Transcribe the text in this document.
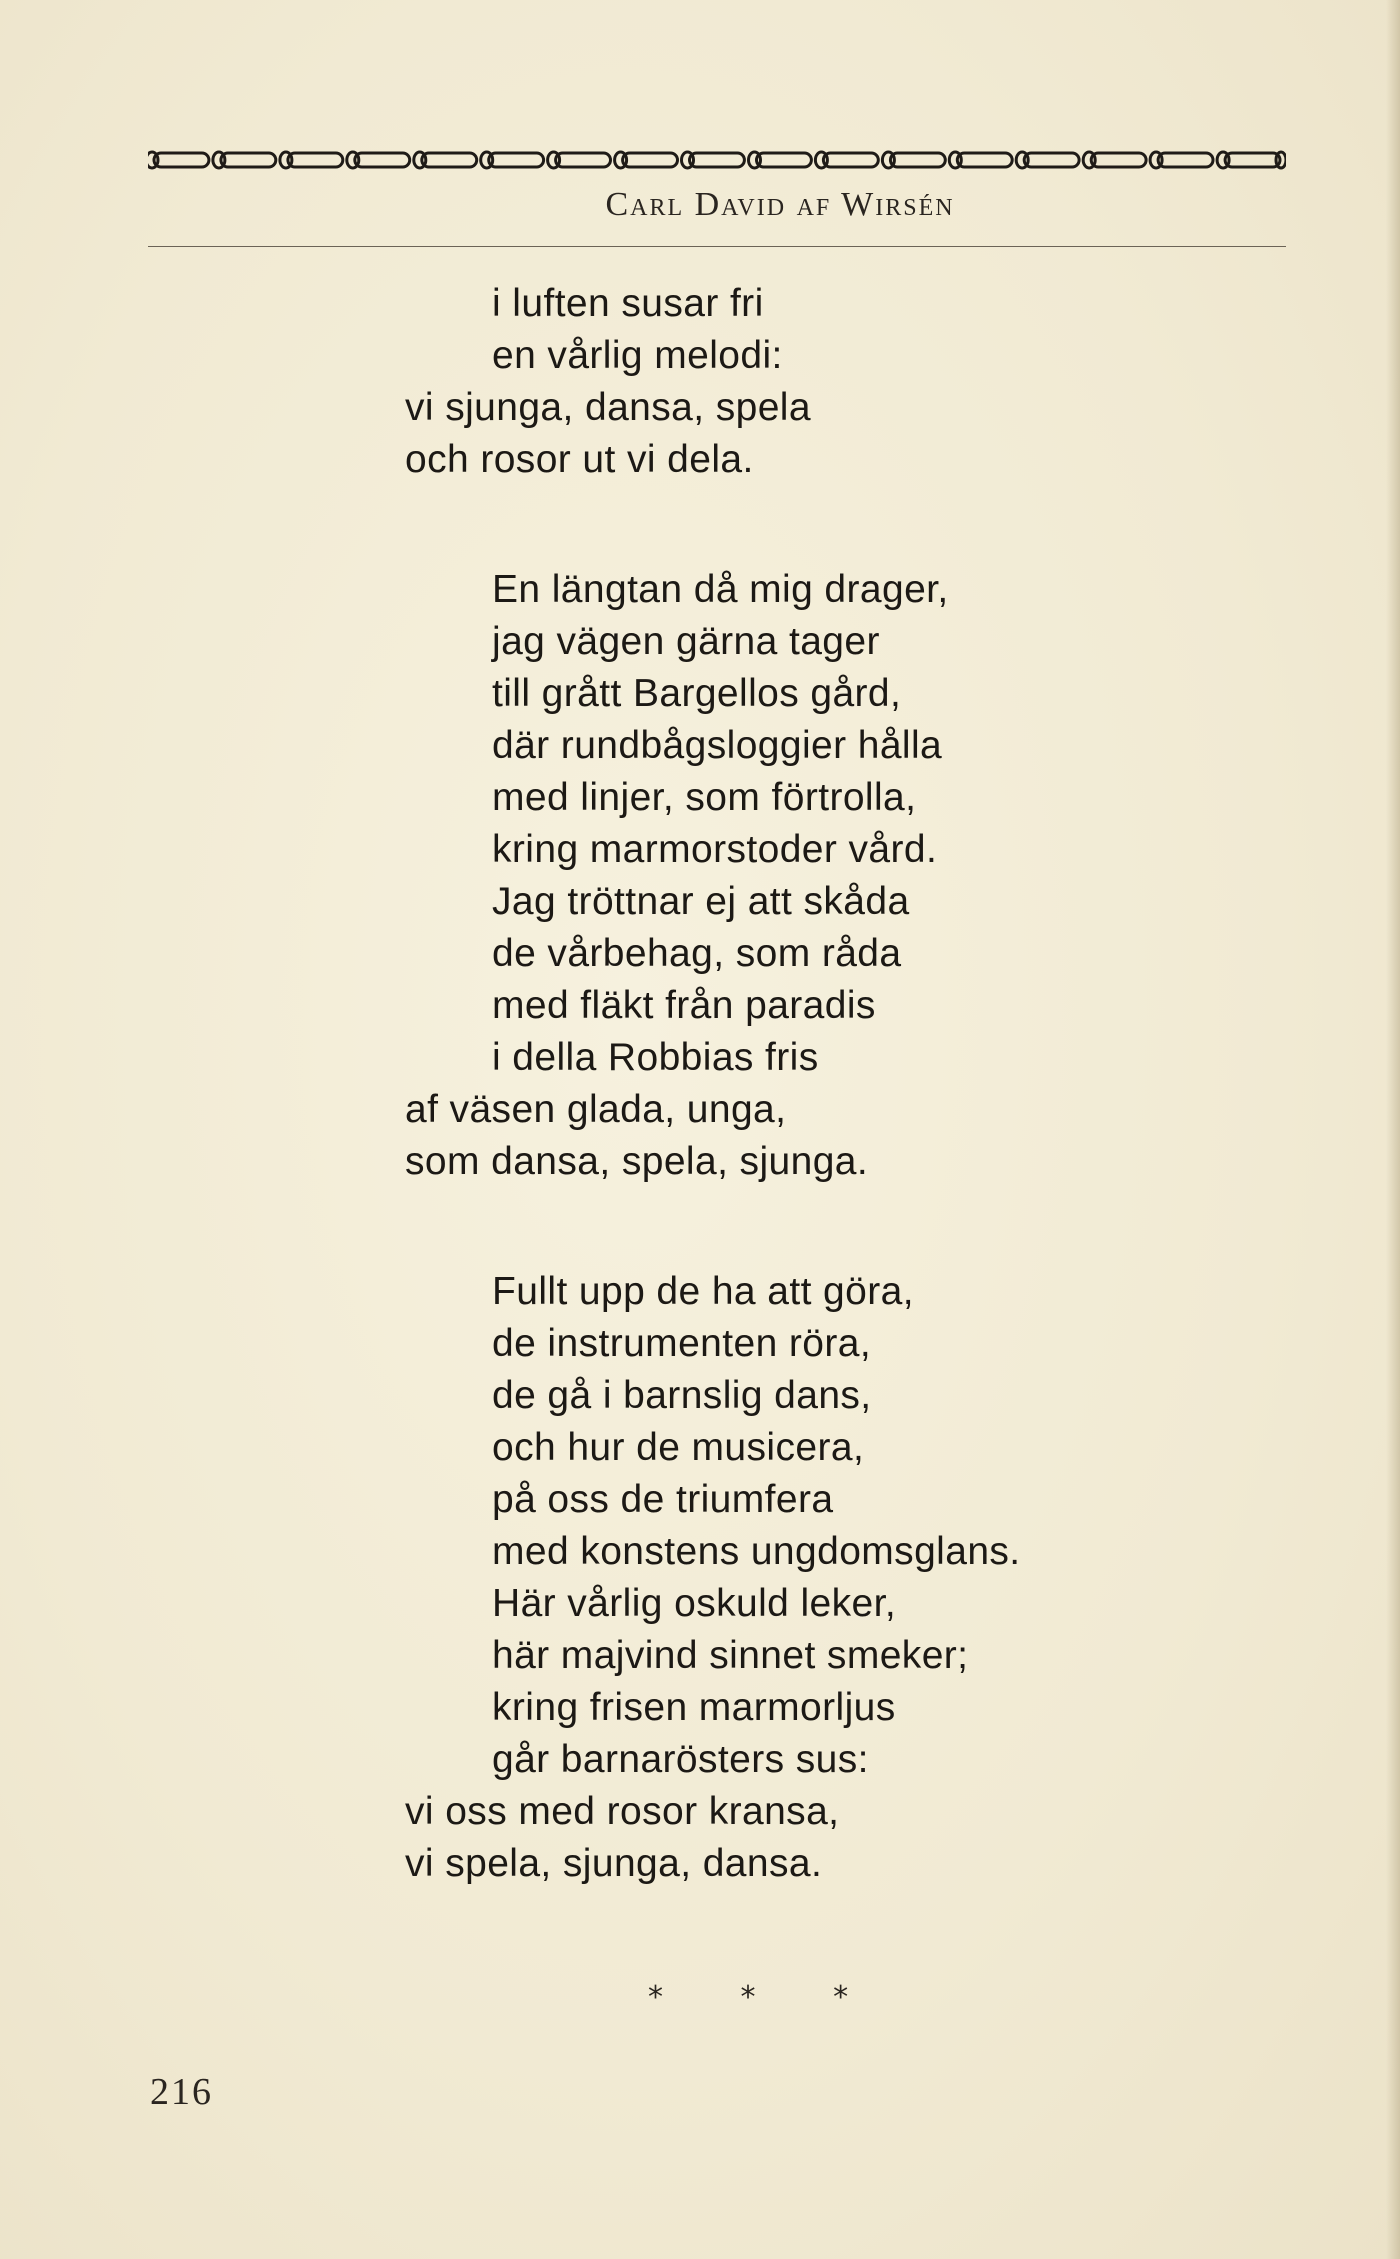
Carl David af Wirsén
i luften susar fri
en vårlig melodi:
vi sjunga, dansa, spela
och rosor ut vi dela.
En längtan då mig drager,
jag vägen gärna tager
till grått Bargellos gård,
där rundbågsloggier hålla
med linjer, som förtrolla,
kring marmorstoder vård.
Jag tröttnar ej att skåda
de vårbehag, som råda
med fläkt från paradis
i della Robbias fris
af väsen glada, unga,
som dansa, spela, sjunga.
Fullt upp de ha att göra,
de instrumenten röra,
de gå i barnslig dans,
och hur de musicera,
på oss de triumfera
med konstens ungdomsglans.
Här vårlig oskuld leker,
här majvind sinnet smeker;
kring frisen marmorljus
går barnarösters sus:
vi oss med rosor kransa,
vi spela, sjunga, dansa.
* * *
216
